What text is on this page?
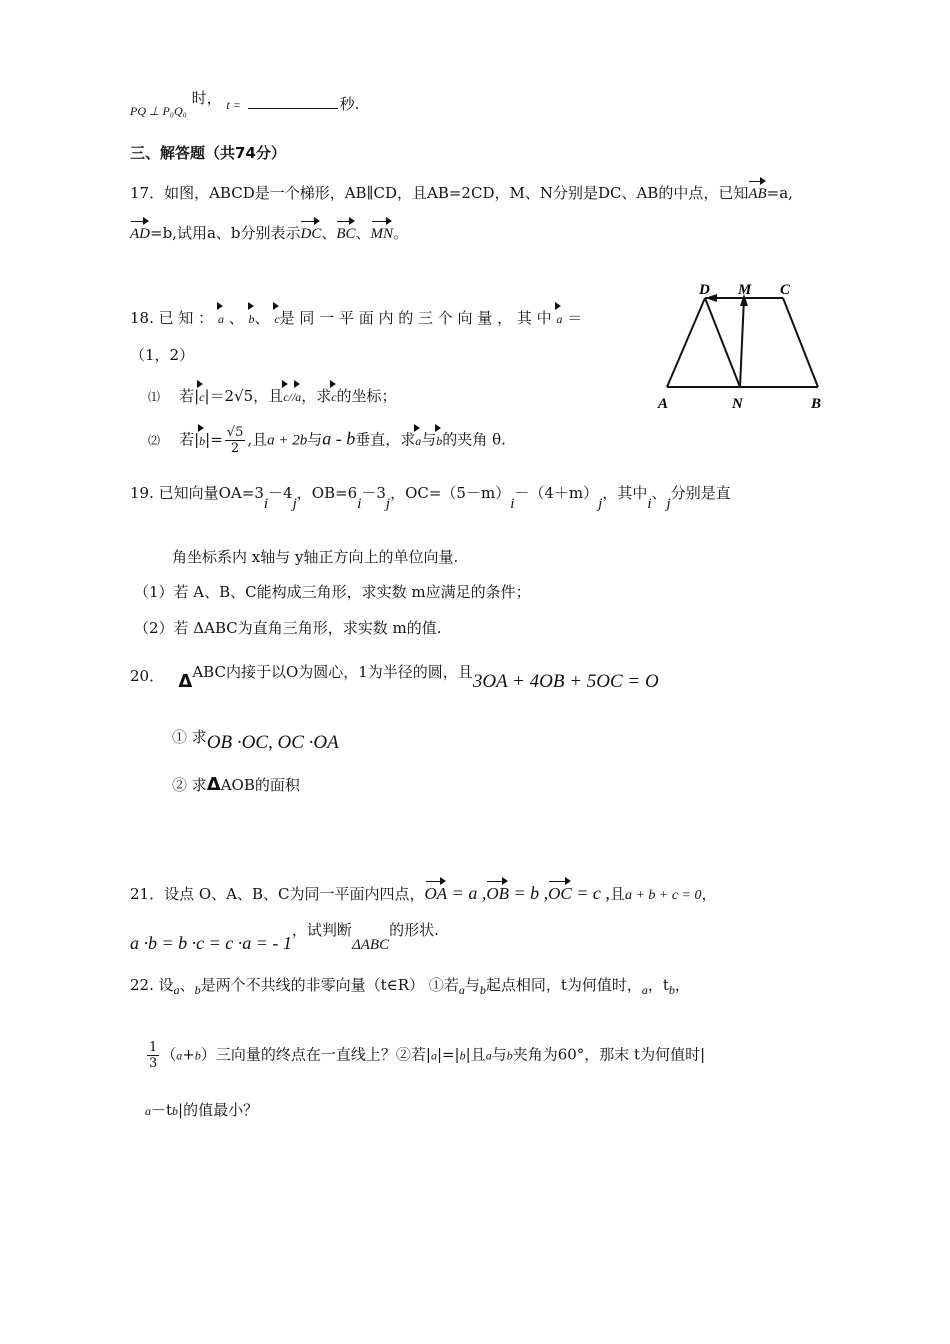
$_{PQ \perp P_0Q_0}$ 时， t =	秒.
三、解答题（共74分）
17．如图，ABCD是一个梯形，AB∥CD，且AB=2CD，M、N分别是DC、AB的中点，已知AB=a,
AD=b,试用a、b分别表示DC、BC、MN。
D M C
A	N	B
18. 已 知 ： a 、 b、 c是 同 一 平 面 内 的 三 个 向 量 ， 其 中 a ＝
（1，2）
⑴ 若|c|＝2√5，且c//a，求c的坐标；
⑵ 若$|b|= \frac{√5}{2}$ ,且a + 2b与a - b垂直，求a与b的夹角 θ.
19. 已知向量OA=3i－4j，OB=6i－3j，OC=（5－m）i－（4＋m）j，其中i、j分别是直
角坐标系内 x轴与 y轴正方向上的单位向量.
（1）若 A、B、C能构成三角形，求实数 m应满足的条件；
（2）若 ΔABC为直角三角形，求实数 m的值.
20． ΔABC内接于以O为圆心，1为半径的圆，且3OA + 4OB + 5OC = O
① 求OB ·OC, OC ·OA
② 求ΔAOB的面积
21．设点 O、A、B、C为同一平面内四点，OA = a ,OB = b ,OC = c ,且a + b + c = 0，
a ·b = b ·c = c ·a = - 1，试判断ΔABC的形状.
22. 设$_a$、$_b$是两个不共线的非零向量（t∈R） ①若$_a$与$_b$起点相同，t为何值时，$_a$，$t_b$，
$\frac{1}{3} (a+b)$三向量的终点在一直线上？②若|a|=|b|且a与b夹角为60°，那末 t为何值时|
a－tb|的值最小？
